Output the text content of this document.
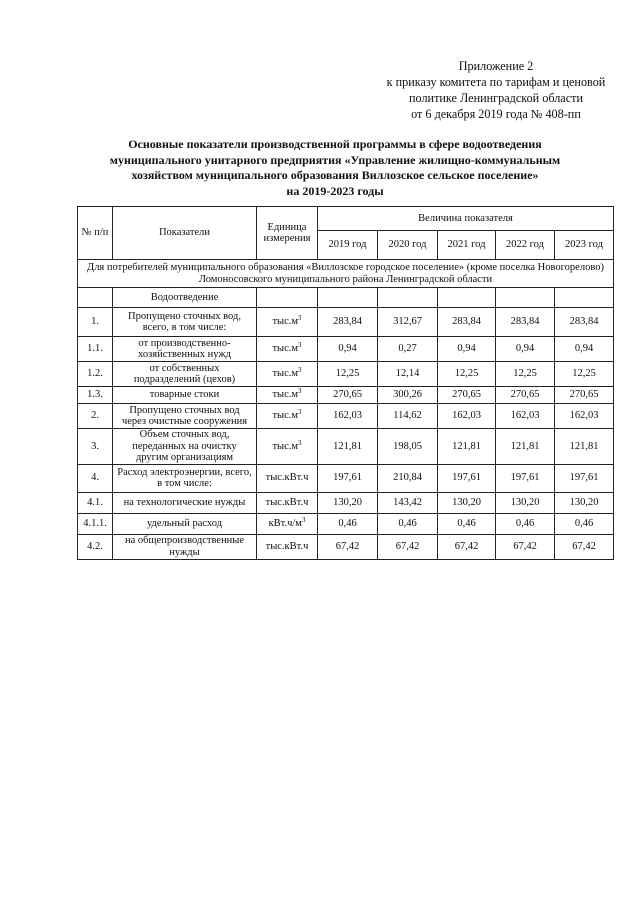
Приложение 2
к приказу комитета по тарифам и ценовой
политике Ленинградской области
от 6 декабря 2019 года № 408-пп
Основные показатели производственной программы в сфере водоотведения
муниципального унитарного предприятия «Управление жилищно-коммунальным
хозяйством муниципального образования Виллозское сельское поселение»
на 2019-2023 годы
№ п/п	Показатели	Единица измерения	Величина показателя				
			2019 год	2020 год	2021 год	2022 год	2023 год

Для потребителей муниципального образования «Виллозское городское поселение» (кроме поселка Новогорелово)
Ломоносовского муниципального района Ленинградской области							

	Водоотведение						
1.	Пропущено сточных вод, всего, в том числе:	$тыс.м^3$	283,84	312,67	283,84	283,84	283,84
1.1.	от производственно-хозяйственных нужд	$тыс.м^3$	0,94	0,27	0,94	0,94	0,94
1.2.	от собственных подразделений (цехов)	$тыс.м^3$	12,25	12,14	12,25	12,25	12,25
1.3.	товарные стоки	$тыс.м^3$	270,65	300,26	270,65	270,65	270,65
2.	Пропущено сточных вод через очистные сооружения	$тыс.м^3$	162,03	114,62	162,03	162,03	162,03
3.	Объем сточных вод, переданных на очистку другим организациям	$тыс.м^3$	121,81	198,05	121,81	121,81	121,81
4.	Расход электроэнергии, всего, в том числе:	тыс.кВт.ч	197,61	210,84	197,61	197,61	197,61
4.1.	на технологические нужды	тыс.кВт.ч	130,20	143,42	130,20	130,20	130,20
4.1.1.	удельный расход	$кВт.ч/м^3$	0,46	0,46	0,46	0,46	0,46
4.2.	на общепроизводственные нужды	тыс.кВт.ч	67,42	67,42	67,42	67,42	67,42
